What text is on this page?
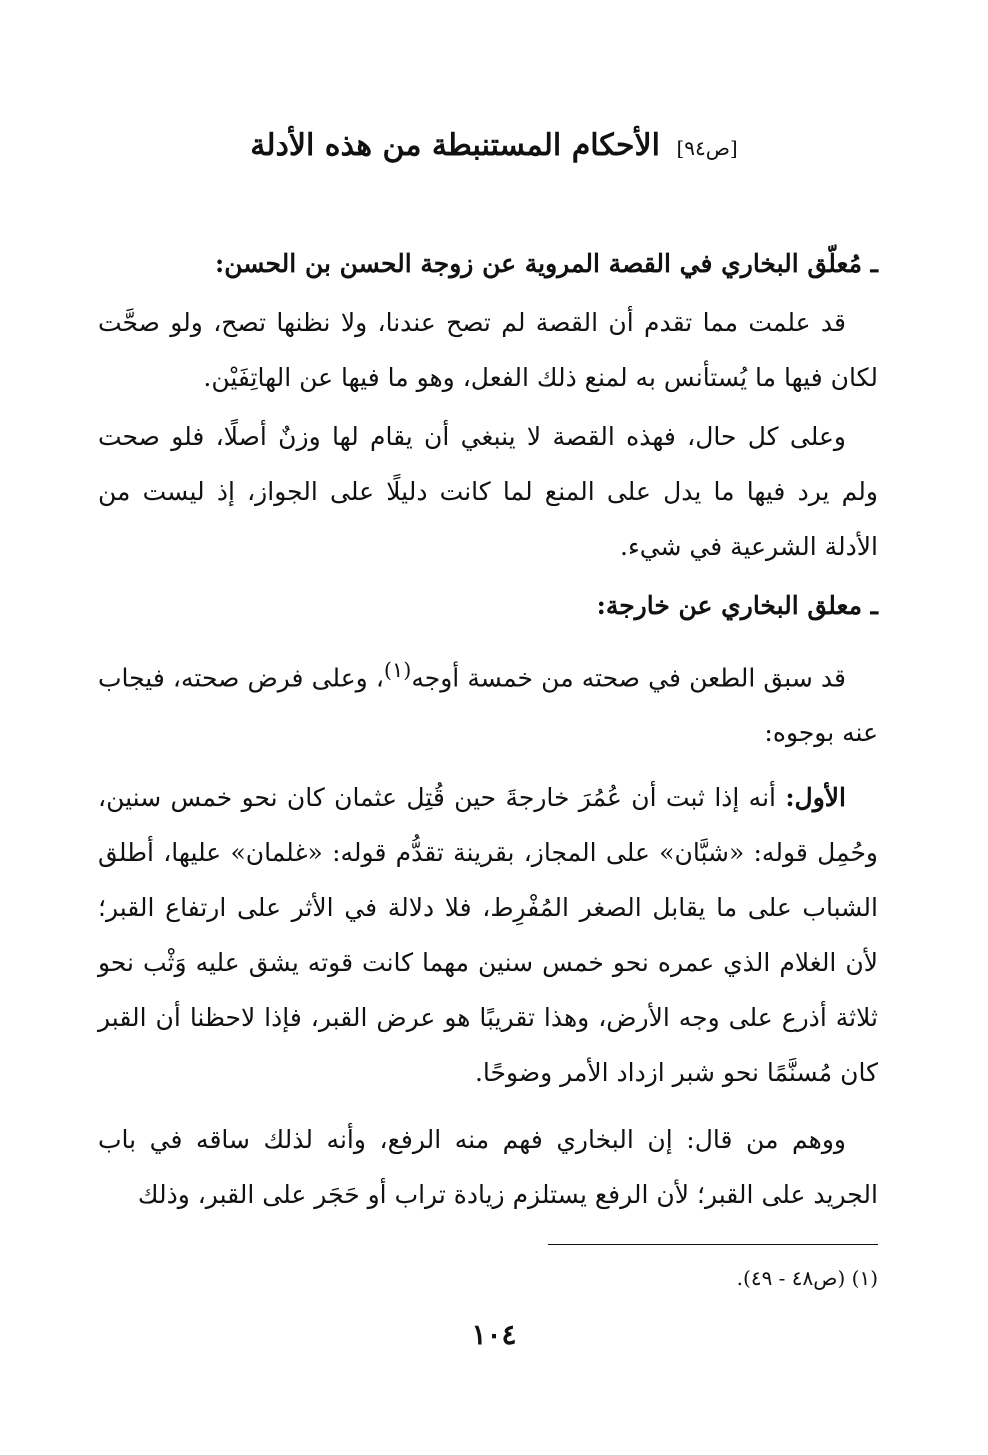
[ص٩٤] الأحكام المستنبطة من هذه الأدلة

ـ مُعلّق البخاري في القصة المروية عن زوجة الحسن بن الحسن:

قد علمت مما تقدم أن القصة لم تصح عندنا، ولا نظنها تصح، ولو صحَّت لكان فيها ما يُستأنس به لمنع ذلك الفعل، وهو ما فيها عن الهاتِفَيْن.

وعلى كل حال، فهذه القصة لا ينبغي أن يقام لها وزنٌ أصلًا، فلو صحت ولم يرد فيها ما يدل على المنع لما كانت دليلًا على الجواز، إذ ليست من الأدلة الشرعية في شيء.

ـ معلق البخاري عن خارجة:

قد سبق الطعن في صحته من خمسة أوجه$^{(١)}$، وعلى فرض صحته، فيجاب عنه بوجوه:

الأول: أنه إذا ثبت أن عُمُرَ خارجةَ حين قُتِل عثمان كان نحو خمس سنين، وحُمِل قوله: «شبَّان» على المجاز، بقرينة تقدُّم قوله: «غلمان» عليها، أطلق الشباب على ما يقابل الصغر المُفْرِط، فلا دلالة في الأثر على ارتفاع القبر؛ لأن الغلام الذي عمره نحو خمس سنين مهما كانت قوته يشق عليه وَثْب نحو ثلاثة أذرع على وجه الأرض، وهذا تقريبًا هو عرض القبر، فإذا لاحظنا أن القبر كان مُسنَّمًا نحو شبر ازداد الأمر وضوحًا.

ووهم من قال: إن البخاري فهم منه الرفع، وأنه لذلك ساقه في باب الجريد على القبر؛ لأن الرفع يستلزم زيادة تراب أو حَجَر على القبر، وذلك

(١) (ص٤٨ - ٤٩).
١٠٤
